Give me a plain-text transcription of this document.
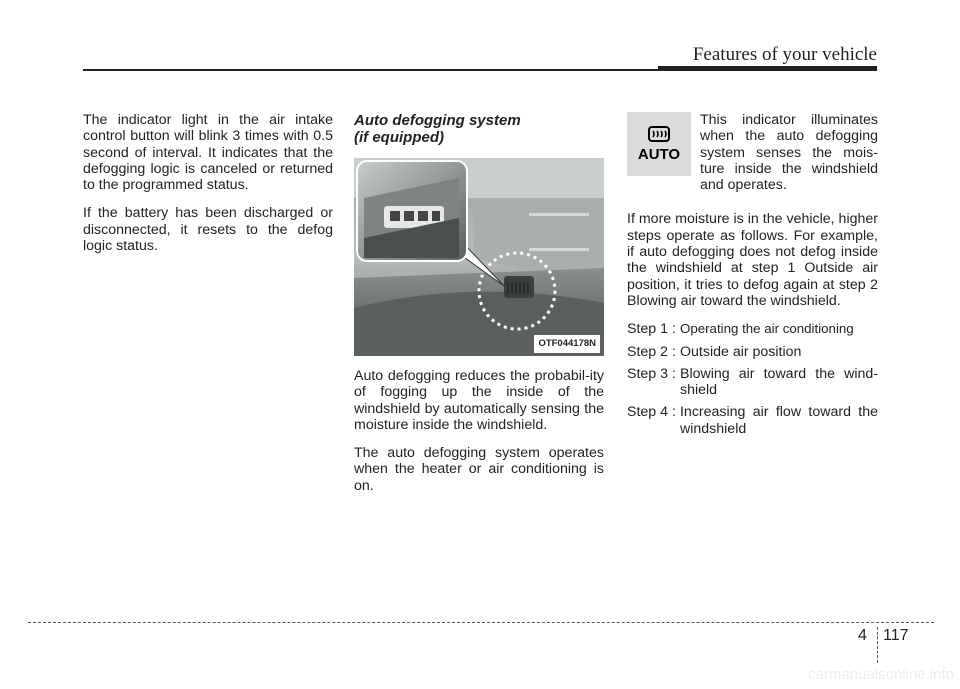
Features of your vehicle

The indicator light in the air intake control button will blink 3 times with 0.5 second of interval. It indicates that the defogging logic is canceled or returned to the programmed status.

If the battery has been discharged or disconnected, it resets to the defog logic status.

Auto defogging system
(if equipped)
OTF044178N

Auto defogging reduces the probabil-ity of fogging up the inside of the windshield by automatically sensing the moisture inside the windshield.

The auto defogging system operates when the heater or air conditioning is on.

AUTO

This indicator illuminates when the auto defogging system senses the mois-ture inside the windshield and operates.

If more moisture is in the vehicle, higher steps operate as follows. For example, if auto defogging does not defog inside the windshield at step 1 Outside air position, it tries to defog again at step 2 Blowing air toward the windshield.

Step 1 : Operating the air conditioning
Step 2 : Outside air position
Step 3 : Blowing air toward the wind-shield
Step 4 : Increasing air flow toward the windshield
4 117
carmanualsonline.info
